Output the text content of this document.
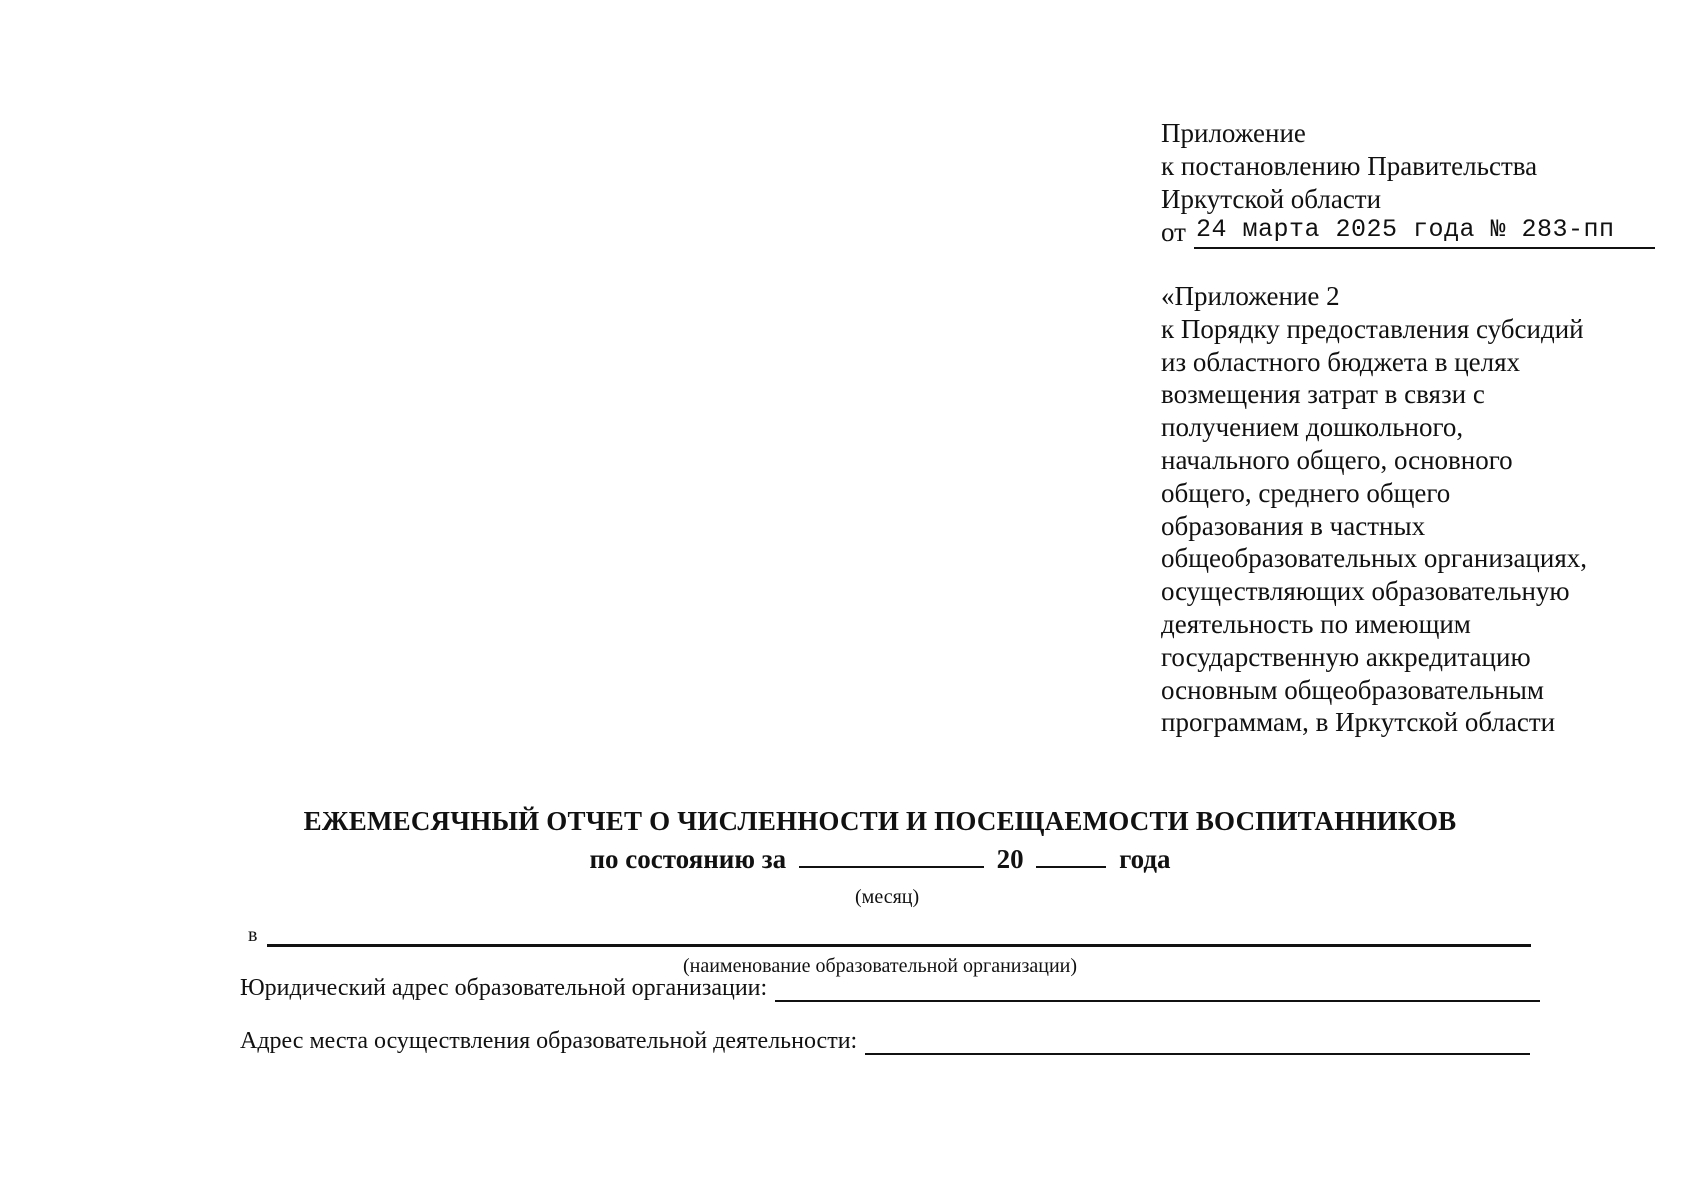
Приложение
к постановлению Правительства
Иркутской области
от 24 марта 2025 года № 283-пп
«Приложение 2
к Порядку предоставления субсидий
из областного бюджета в целях
возмещения затрат в связи с
получением дошкольного,
начального общего, основного
общего, среднего общего
образования в частных
общеобразовательных организациях,
осуществляющих образовательную
деятельность по имеющим
государственную аккредитацию
основным общеобразовательным
программам, в Иркутской области
ЕЖЕМЕСЯЧНЫЙ ОТЧЕТ О ЧИСЛЕННОСТИ И ПОСЕЩАЕМОСТИ ВОСПИТАННИКОВ
по состоянию за	20	года
(месяц)
в
(наименование образовательной организации)
Юридический адрес образовательной организации:
Адрес места осуществления образовательной деятельности:
